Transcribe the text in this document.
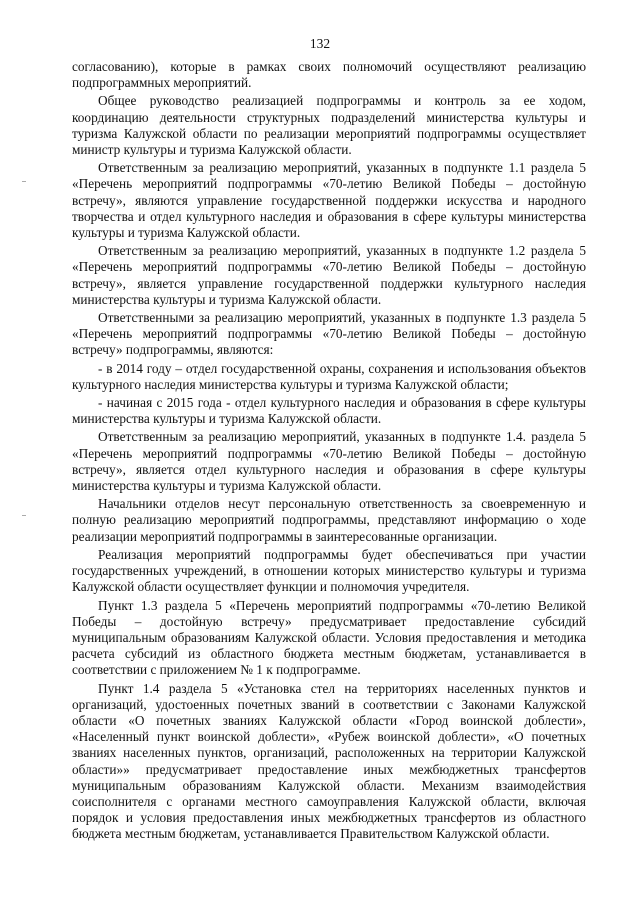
132

согласованию), которые в рамках своих полномочий осуществляют реализацию подпрограммных мероприятий.

Общее руководство реализацией подпрограммы и контроль за ее ходом, координацию деятельности структурных подразделений министерства культуры и туризма Калужской области по реализации мероприятий подпрограммы осуществляет министр культуры и туризма Калужской области.

Ответственным за реализацию мероприятий, указанных в подпункте 1.1 раздела 5 «Перечень мероприятий подпрограммы «70-летию Великой Победы – достойную встречу», являются управление государственной поддержки искусства и народного творчества и отдел культурного наследия и образования в сфере культуры министерства культуры и туризма Калужской области.

Ответственным за реализацию мероприятий, указанных в подпункте 1.2 раздела 5 «Перечень мероприятий подпрограммы «70-летию Великой Победы – достойную встречу», является управление государственной поддержки культурного наследия министерства культуры и туризма Калужской области.

Ответственными за реализацию мероприятий, указанных в подпункте 1.3 раздела 5 «Перечень мероприятий подпрограммы «70-летию Великой Победы – достойную встречу» подпрограммы, являются:

- в 2014 году – отдел государственной охраны, сохранения и использования объектов культурного наследия министерства культуры и туризма Калужской области;

- начиная с 2015 года - отдел культурного наследия и образования в сфере культуры министерства культуры и туризма Калужской области.

Ответственным за реализацию мероприятий, указанных в подпункте 1.4. раздела 5 «Перечень мероприятий подпрограммы «70-летию Великой Победы – достойную встречу», является отдел культурного наследия и образования в сфере культуры министерства культуры и туризма Калужской области.

Начальники отделов несут персональную ответственность за своевременную и полную реализацию мероприятий подпрограммы, представляют информацию о ходе реализации мероприятий подпрограммы в заинтересованные организации.

Реализация мероприятий подпрограммы будет обеспечиваться при участии государственных учреждений, в отношении которых министерство культуры и туризма Калужской области осуществляет функции и полномочия учредителя.

Пункт 1.3 раздела 5 «Перечень мероприятий подпрограммы «70-летию Великой Победы – достойную встречу» предусматривает предоставление субсидий муниципальным образованиям Калужской области. Условия предоставления и методика расчета субсидий из областного бюджета местным бюджетам, устанавливается в соответствии с приложением № 1 к подпрограмме.

Пункт 1.4 раздела 5 «Установка стел на территориях населенных пунктов и организаций, удостоенных почетных званий в соответствии с Законами Калужской области «О почетных званиях Калужской области «Город воинской доблести», «Населенный пункт воинской доблести», «Рубеж воинской доблести», «О почетных званиях населенных пунктов, организаций, расположенных на территории Калужской области»» предусматривает предоставление иных межбюджетных трансфертов муниципальным образованиям Калужской области. Механизм взаимодействия соисполнителя с органами местного самоуправления Калужской области, включая порядок и условия предоставления иных межбюджетных трансфертов из областного бюджета местным бюджетам, устанавливается Правительством Калужской области.
